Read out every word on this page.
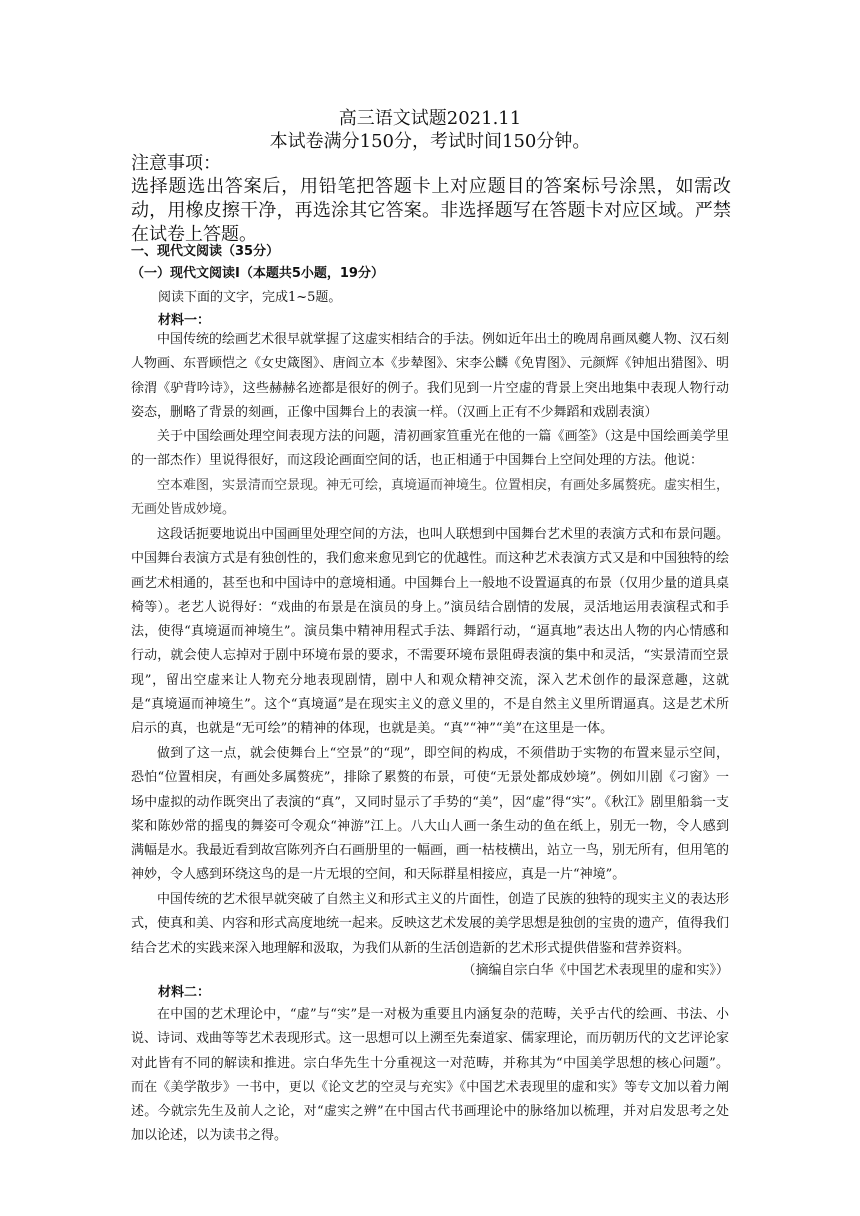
高三语文试题2021.11
本试卷满分150分，考试时间150分钟。
注意事项：
选择题选出答案后，用铅笔把答题卡上对应题目的答案标号涂黑，如需改动，用橡皮擦干净，再选涂其它答案。非选择题写在答题卡对应区域。严禁在试卷上答题。
一、现代文阅读（35分）
（一）现代文阅读Ⅰ（本题共5小题，19分）
阅读下面的文字，完成1~5题。
材料一：

中国传统的绘画艺术很早就掌握了这虚实相结合的手法。例如近年出土的晚周帛画凤夔人物、汉石刻人物画、东晋顾恺之《女史箴图》、唐阎立本《步辇图》、宋李公麟《免胄图》、元颜辉《钟旭出猎图》、明徐渭《驴背吟诗》，这些赫赫名迹都是很好的例子。我们见到一片空虚的背景上突出地集中表现人物行动姿态，删略了背景的刻画，正像中国舞台上的表演一样。（汉画上正有不少舞蹈和戏剧表演）

关于中国绘画处理空间表现方法的问题，清初画家笪重光在他的一篇《画筌》（这是中国绘画美学里的一部杰作）里说得很好，而这段论画面空间的话，也正相通于中国舞台上空间处理的方法。他说：

空本难图，实景清而空景现。神无可绘，真境逼而神境生。位置相戾，有画处多属赘疣。虚实相生，无画处皆成妙境。

这段话扼要地说出中国画里处理空间的方法，也叫人联想到中国舞台艺术里的表演方式和布景问题。中国舞台表演方式是有独创性的，我们愈来愈见到它的优越性。而这种艺术表演方式又是和中国独特的绘画艺术相通的，甚至也和中国诗中的意境相通。中国舞台上一般地不设置逼真的布景（仅用少量的道具桌椅等）。老艺人说得好：“戏曲的布景是在演员的身上。”演员结合剧情的发展，灵活地运用表演程式和手法，使得“真境逼而神境生”。演员集中精神用程式手法、舞蹈行动，“逼真地”表达出人物的内心情感和行动，就会使人忘掉对于剧中环境布景的要求，不需要环境布景阻碍表演的集中和灵活，“实景清而空景现”，留出空虚来让人物充分地表现剧情，剧中人和观众精神交流，深入艺术创作的最深意趣，这就是“真境逼而神境生”。这个“真境逼”是在现实主义的意义里的，不是自然主义里所谓逼真。这是艺术所启示的真，也就是“无可绘”的精神的体现，也就是美。“真”“神”“美”在这里是一体。

做到了这一点，就会使舞台上“空景”的“现”，即空间的构成，不须借助于实物的布置来显示空间，恐怕“位置相戾，有画处多属赘疣”，排除了累赘的布景，可使“无景处都成妙境”。例如川剧《刁窗》一场中虚拟的动作既突出了表演的“真”，又同时显示了手势的“美”，因“虚”得“实”。《秋江》剧里船翁一支桨和陈妙常的摇曳的舞姿可令观众“神游”江上。八大山人画一条生动的鱼在纸上，别无一物，令人感到满幅是水。我最近看到故宫陈列齐白石画册里的一幅画，画一枯枝横出，站立一鸟，别无所有，但用笔的神妙，令人感到环绕这鸟的是一片无垠的空间，和天际群星相接应，真是一片“神境”。

中国传统的艺术很早就突破了自然主义和形式主义的片面性，创造了民族的独特的现实主义的表达形式，使真和美、内容和形式高度地统一起来。反映这艺术发展的美学思想是独创的宝贵的遗产，值得我们结合艺术的实践来深入地理解和汲取，为我们从新的生活创造新的艺术形式提供借鉴和营养资料。

（摘编自宗白华《中国艺术表现里的虚和实》）
材料二：

在中国的艺术理论中，“虚”与“实”是一对极为重要且内涵复杂的范畴，关乎古代的绘画、书法、小说、诗词、戏曲等等艺术表现形式。这一思想可以上溯至先秦道家、儒家理论，而历朝历代的文艺评论家对此皆有不同的解读和推进。宗白华先生十分重视这一对范畴，并称其为“中国美学思想的核心问题”。而在《美学散步》一书中，更以《论文艺的空灵与充实》《中国艺术表现里的虚和实》等专文加以着力阐述。今就宗先生及前人之论，对“虚实之辨”在中国古代书画理论中的脉络加以梳理，并对启发思考之处加以论述，以为读书之得。
